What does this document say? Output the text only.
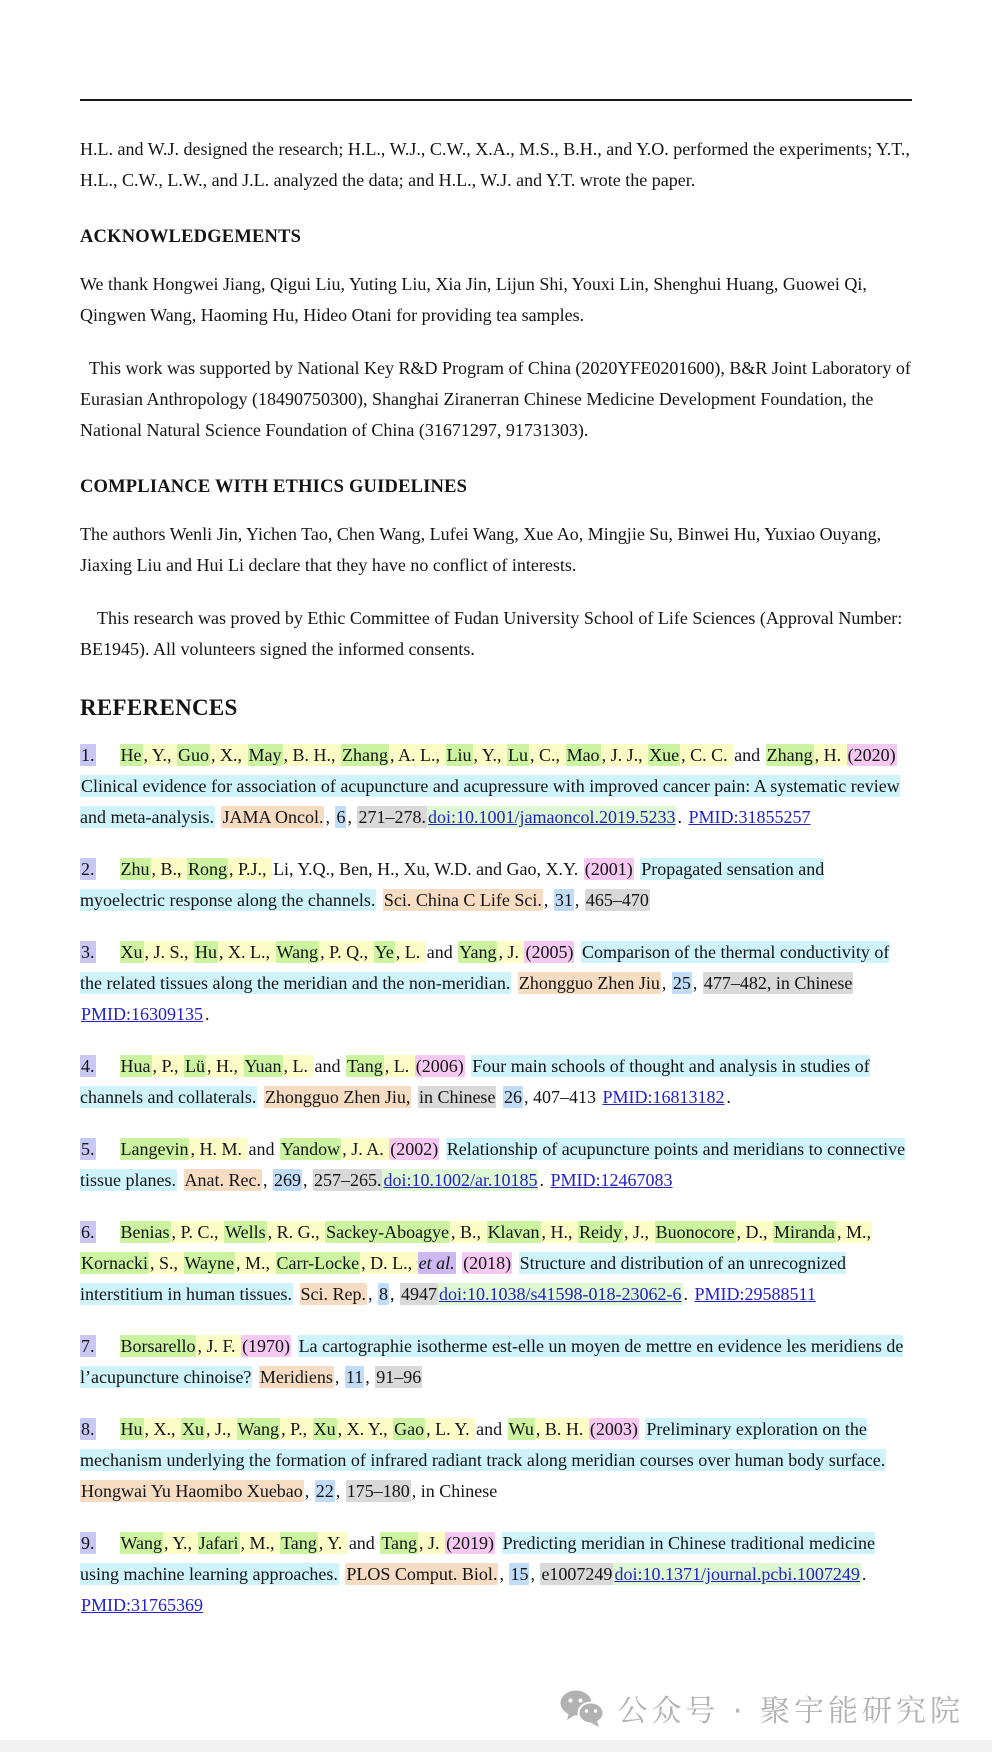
H.L. and W.J. designed the research; H.L., W.J., C.W., X.A., M.S., B.H., and Y.O. performed the experiments; Y.T., H.L., C.W., L.W., and J.L. analyzed the data; and H.L., W.J. and Y.T. wrote the paper.

ACKNOWLEDGEMENTS

We thank Hongwei Jiang, Qigui Liu, Yuting Liu, Xia Jin, Lijun Shi, Youxi Lin, Shenghui Huang, Guowei Qi, Qingwen Wang, Haoming Hu, Hideo Otani for providing tea samples.

This work was supported by National Key R&D Program of China (2020YFE0201600), B&R Joint Laboratory of Eurasian Anthropology (18490750300), Shanghai Ziranerran Chinese Medicine Development Foundation, the National Natural Science Foundation of China (31671297, 91731303).

COMPLIANCE WITH ETHICS GUIDELINES

The authors Wenli Jin, Yichen Tao, Chen Wang, Lufei Wang, Xue Ao, Mingjie Su, Binwei Hu, Yuxiao Ouyang, Jiaxing Liu and Hui Li declare that they have no conflict of interests.

This research was proved by Ethic Committee of Fudan University School of Life Sciences (Approval Number: BE1945). All volunteers signed the informed consents.

REFERENCES

1. He , Y., Guo , X., May , B. H., Zhang , A. L., Liu , Y., Lu , C., Mao , J. J., Xue , C. C. and Zhang , H. (2020) Clinical evidence for association of acupuncture and acupressure with improved cancer pain: A systematic review and meta-analysis. JAMA Oncol. , 6 , 271–278. doi:10.1001/jamaoncol.2019.5233 . PMID:31855257

2. Zhu , B., Rong , P.J., Li, Y.Q., Ben, H., Xu, W.D. and Gao, X.Y. (2001) Propagated sensation and myoelectric response along the channels. Sci. China C Life Sci. , 31 , 465–470

3. Xu , J. S., Hu , X. L., Wang , P. Q., Ye , L. and Yang , J. (2005) Comparison of the thermal conductivity of the related tissues along the meridian and the non-meridian. Zhongguo Zhen Jiu , 25 , 477–482, in Chinese PMID:16309135 .

4. Hua , P., Lü , H., Yuan , L. and Tang , L. (2006) Four main schools of thought and analysis in studies of channels and collaterals. Zhongguo Zhen Jiu, in Chinese 26 , 407–413 PMID:16813182 .

5. Langevin , H. M. and Yandow , J. A. (2002) Relationship of acupuncture points and meridians to connective tissue planes. Anat. Rec. , 269 , 257–265. doi:10.1002/ar.10185 . PMID:12467083

6. Benias , P. C., Wells , R. G., Sackey-Aboagye , B., Klavan , H., Reidy , J., Buonocore , D., Miranda , M., Kornacki , S., Wayne , M., Carr-Locke , D. L., et al. (2018) Structure and distribution of an unrecognized interstitium in human tissues. Sci. Rep. , 8 , 4947 doi:10.1038/s41598-018-23062-6 . PMID:29588511

7. Borsarello , J. F. (1970) La cartographie isotherme est-elle un moyen de mettre en evidence les meridiens de l’acupuncture chinoise? Meridiens , 11 , 91–96

8. Hu , X., Xu , J., Wang , P., Xu , X. Y., Gao , L. Y. and Wu , B. H. (2003) Preliminary exploration on the mechanism underlying the formation of infrared radiant track along meridian courses over human body surface. Hongwai Yu Haomibo Xuebao , 22 , 175–180 , in Chinese

9. Wang , Y., Jafari , M., Tang , Y. and Tang , J. (2019) Predicting meridian in Chinese traditional medicine using machine learning approaches. PLOS Comput. Biol. , 15 , e1007249 doi:10.1371/journal.pcbi.1007249 . PMID:31765369

公众号 · 聚宇能研究院
